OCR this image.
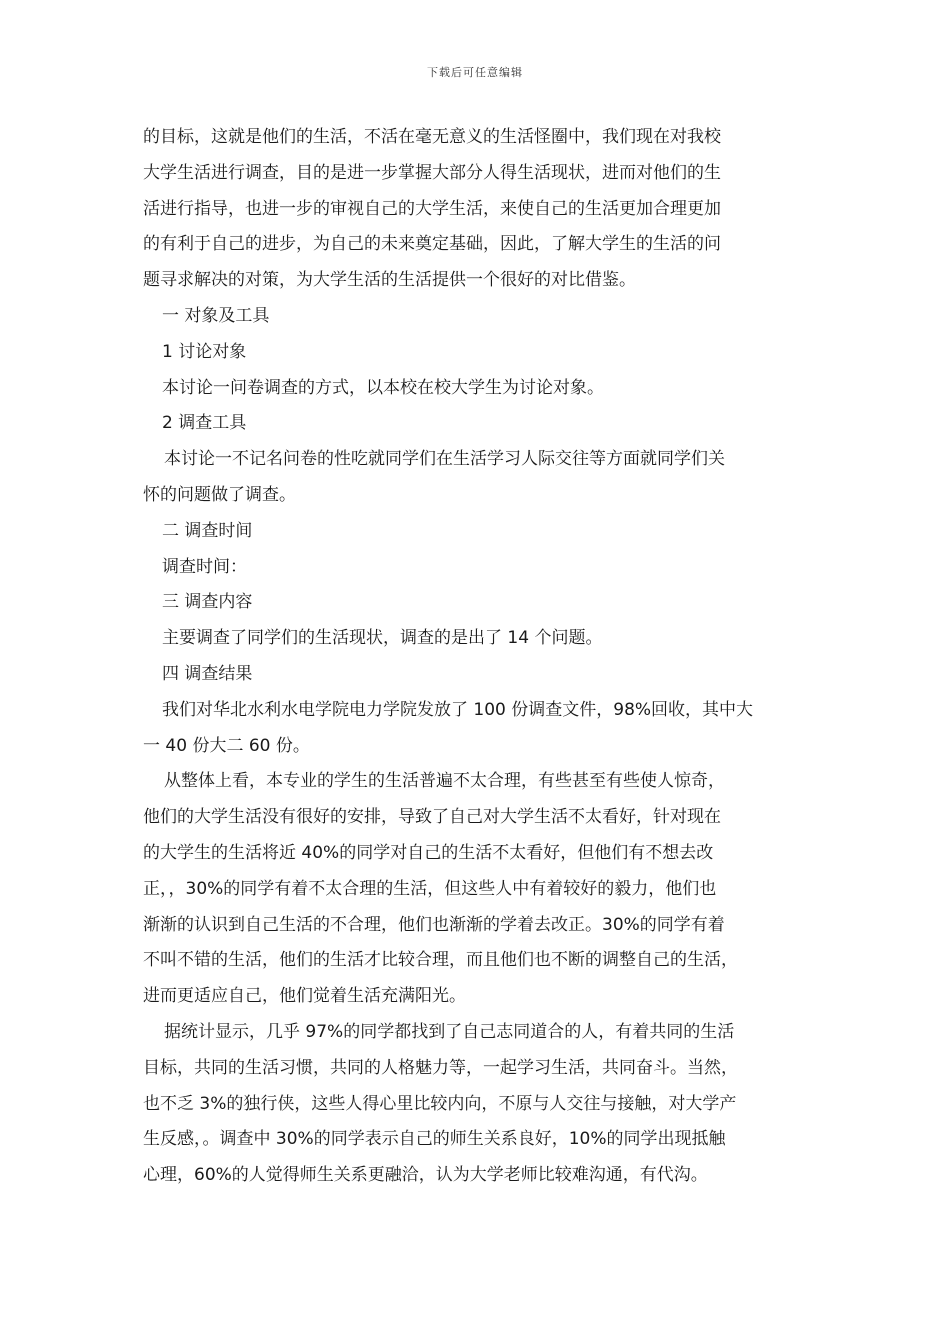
下载后可任意编辑
的目标，这就是他们的生活，不活在毫无意义的生活怪圈中，我们现在对我校
大学生活进行调查，目的是进一步掌握大部分人得生活现状，进而对他们的生
活进行指导，也进一步的审视自己的大学生活，来使自己的生活更加合理更加
的有利于自己的进步，为自己的未来奠定基础，因此，了解大学生的生活的问
题寻求解决的对策，为大学生活的生活提供一个很好的对比借鉴。
一 对象及工具
1 讨论对象
本讨论一问卷调查的方式，以本校在校大学生为讨论对象。
2 调查工具
本讨论一不记名问卷的性吃就同学们在生活学习人际交往等方面就同学们关
怀的问题做了调查。
二 调查时间
调查时间：
三 调查内容
主要调查了同学们的生活现状，调查的是出了 14 个问题。
四 调查结果
我们对华北水利水电学院电力学院发放了 100 份调查文件，98%回收，其中大
一 40 份大二 60 份。
从整体上看，本专业的学生的生活普遍不太合理，有些甚至有些使人惊奇，
他们的大学生活没有很好的安排，导致了自己对大学生活不太看好，针对现在
的大学生的生活将近 40%的同学对自己的生活不太看好，但他们有不想去改
正，，30%的同学有着不太合理的生活，但这些人中有着较好的毅力，他们也
渐渐的认识到自己生活的不合理，他们也渐渐的学着去改正。30%的同学有着
不叫不错的生活，他们的生活才比较合理，而且他们也不断的调整自己的生活，
进而更适应自己，他们觉着生活充满阳光。
据统计显示，几乎 97%的同学都找到了自己志同道合的人，有着共同的生活
目标，共同的生活习惯，共同的人格魅力等，一起学习生活，共同奋斗。当然，
也不乏 3%的独行侠，这些人得心里比较内向，不原与人交往与接触，对大学产
生反感，。调查中 30%的同学表示自己的师生关系良好，10%的同学出现抵触
心理，60%的人觉得师生关系更融洽，认为大学老师比较难沟通，有代沟。
